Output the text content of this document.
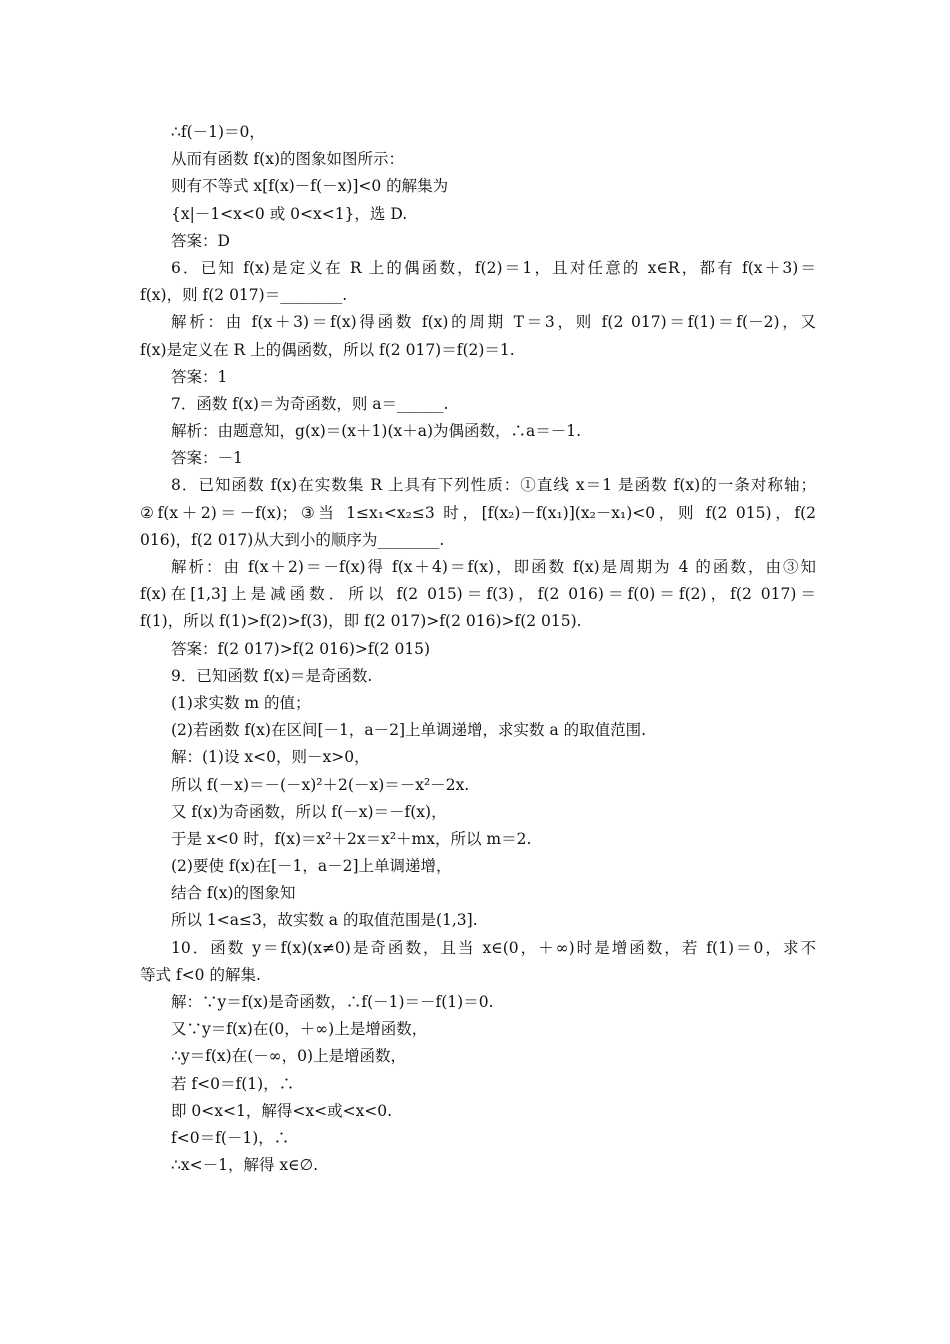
∴f(－1)＝0，
从而有函数 f(x)的图象如图所示：
则有不等式 x[f(x)－f(－x)]<0 的解集为
{x|－1<x<0 或 0<x<1}，选 D.
答案：D
6．已知 f(x)是定义在 R 上的偶函数，f(2)＝1，且对任意的 x∈R，都有 f(x＋3)＝
f(x)，则 f(2 017)＝________.
解析：由 f(x＋3)＝f(x)得函数 f(x)的周期 T＝3，则 f(2 017)＝f(1)＝f(－2)，又
f(x)是定义在 R 上的偶函数，所以 f(2 017)＝f(2)＝1.
答案：1
7．函数 f(x)＝为奇函数，则 a＝______.
解析：由题意知，g(x)＝(x＋1)(x＋a)为偶函数，∴a＝－1.
答案：－1
8．已知函数 f(x)在实数集 R 上具有下列性质：①直线 x＝1 是函数 f(x)的一条对称轴；
②f(x＋2)＝－f(x)；③当 1≤x₁<x₂≤3 时，[f(x₂)－f(x₁)](x₂－x₁)<0，则 f(2 015)，f(2
016)，f(2 017)从大到小的顺序为________.
解析：由 f(x＋2)＝－f(x)得 f(x＋4)＝f(x)，即函数 f(x)是周期为 4 的函数，由③知
f(x)在[1,3]上是减函数．所以 f(2 015)＝f(3)，f(2 016)＝f(0)＝f(2)，f(2 017)＝
f(1)，所以 f(1)>f(2)>f(3)，即 f(2 017)>f(2 016)>f(2 015).
答案：f(2 017)>f(2 016)>f(2 015)
9．已知函数 f(x)＝是奇函数.
(1)求实数 m 的值；
(2)若函数 f(x)在区间[－1，a－2]上单调递增，求实数 a 的取值范围.
解：(1)设 x<0，则－x>0，
所以 f(－x)＝－(－x)²＋2(－x)＝－x²－2x.
又 f(x)为奇函数，所以 f(－x)＝－f(x)，
于是 x<0 时，f(x)＝x²＋2x＝x²＋mx，所以 m＝2.
(2)要使 f(x)在[－1，a－2]上单调递增，
结合 f(x)的图象知
所以 1<a≤3，故实数 a 的取值范围是(1,3].
10．函数 y＝f(x)(x≠0)是奇函数，且当 x∈(0，＋∞)时是增函数，若 f(1)＝0，求不
等式 f<0 的解集.
解：∵y＝f(x)是奇函数，∴f(－1)＝－f(1)＝0.
又∵y＝f(x)在(0，＋∞)上是增函数，
∴y＝f(x)在(－∞，0)上是增函数，
若 f<0＝f(1)，∴
即 0<x<1，解得<x<或<x<0.
f<0＝f(－1)，∴
∴x<－1，解得 x∈∅.
